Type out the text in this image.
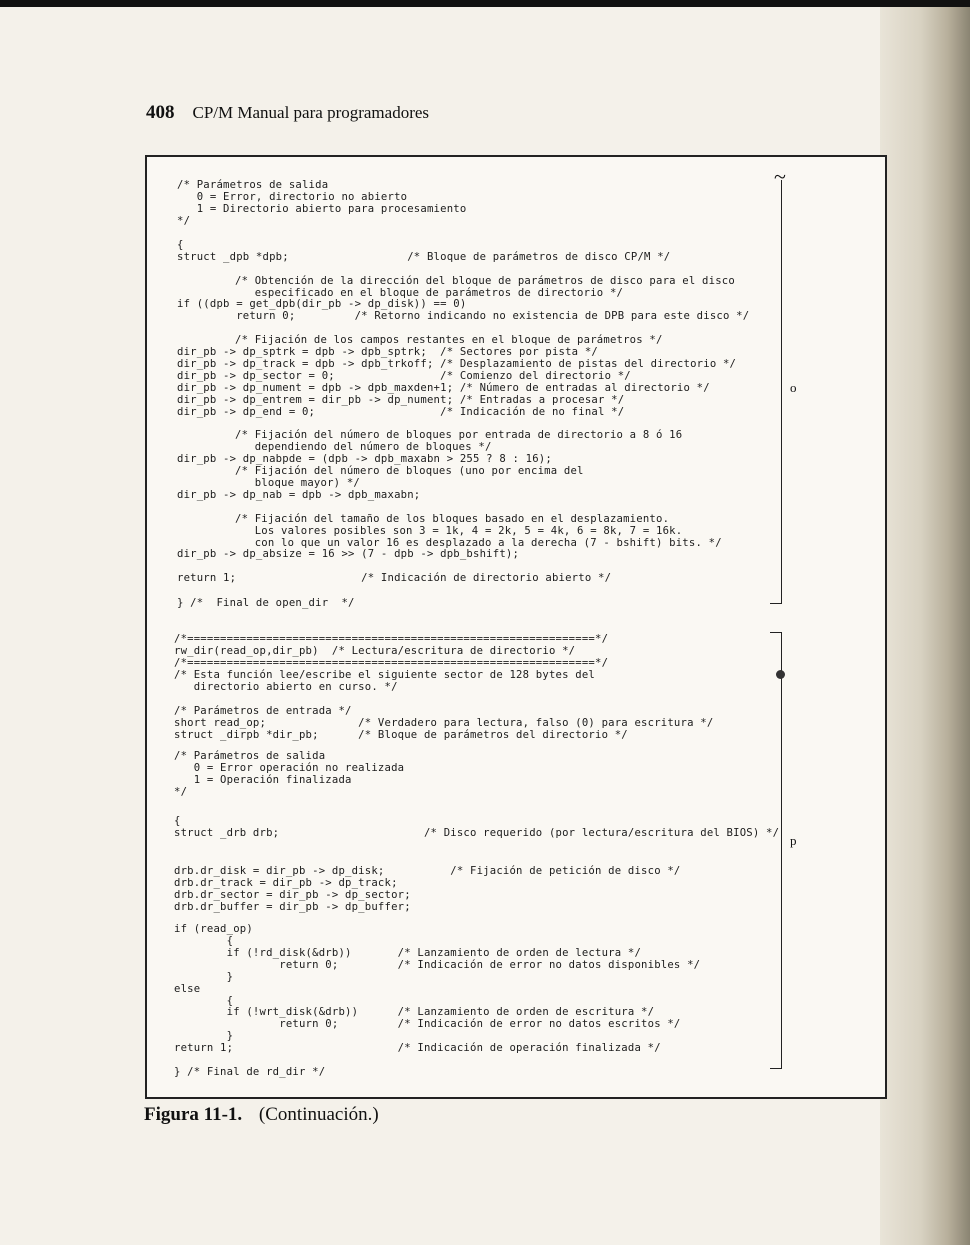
408 CP/M Manual para programadores
/* Parámetros de salida
0 = Error, directorio no abierto
1 = Directorio abierto para procesamiento
*/
{
struct _dpb *dpb;                  /* Bloque de parámetros de disco CP/M */
/* Obtención de la dirección del bloque de parámetros de disco para el disco
especificado en el bloque de parámetros de directorio */
if ((dpb = get_dpb(dir_pb -> dp_disk)) == 0)
return 0;         /* Retorno indicando no existencia de DPB para este disco */
/* Fijación de los campos restantes en el bloque de parámetros */
dir_pb -> dp_sptrk = dpb -> dpb_sptrk;  /* Sectores por pista */
dir_pb -> dp_track = dpb -> dpb_trkoff; /* Desplazamiento de pistas del directorio */
dir_pb -> dp_sector = 0;                /* Comienzo del directorio */
dir_pb -> dp_nument = dpb -> dpb_maxden+1; /* Número de entradas al directorio */
dir_pb -> dp_entrem = dir_pb -> dp_nument; /* Entradas a procesar */
dir_pb -> dp_end = 0;                   /* Indicación de no final */
/* Fijación del número de bloques por entrada de directorio a 8 ó 16
dependiendo del número de bloques */
dir_pb -> dp_nabpde = (dpb -> dpb_maxabn > 255 ? 8 : 16);
/* Fijación del número de bloques (uno por encima del
bloque mayor) */
dir_pb -> dp_nab = dpb -> dpb_maxabn;
/* Fijación del tamaño de los bloques basado en el desplazamiento.
Los valores posibles son 3 = 1k, 4 = 2k, 5 = 4k, 6 = 8k, 7 = 16k.
con lo que un valor 16 es desplazado a la derecha (7 - bshift) bits. */
dir_pb -> dp_absize = 16 >> (7 - dpb -> dpb_bshift);
return 1;                   /* Indicación de directorio abierto */
} /*  Final de open_dir  */
/*==============================================================*/
rw_dir(read_op,dir_pb)  /* Lectura/escritura de directorio */
/*==============================================================*/
/* Esta función lee/escribe el siguiente sector de 128 bytes del
directorio abierto en curso. */
/* Parámetros de entrada */
short read_op;              /* Verdadero para lectura, falso (0) para escritura */
struct _dirpb *dir_pb;      /* Bloque de parámetros del directorio */
/* Parámetros de salida
0 = Error operación no realizada
1 = Operación finalizada
*/
{
struct _drb drb;                      /* Disco requerido (por lectura/escritura del BIOS) */
drb.dr_disk = dir_pb -> dp_disk;          /* Fijación de petición de disco */
drb.dr_track = dir_pb -> dp_track;
drb.dr_sector = dir_pb -> dp_sector;
drb.dr_buffer = dir_pb -> dp_buffer;
if (read_op)
{
if (!rd_disk(&drb))       /* Lanzamiento de orden de lectura */
return 0;         /* Indicación de error no datos disponibles */
}
else
{
if (!wrt_disk(&drb))      /* Lanzamiento de orden de escritura */
return 0;         /* Indicación de error no datos escritos */
}
return 1;                         /* Indicación de operación finalizada */
} /* Final de rd_dir */
~
o
p
Figura 11-1. (Continuación.)
